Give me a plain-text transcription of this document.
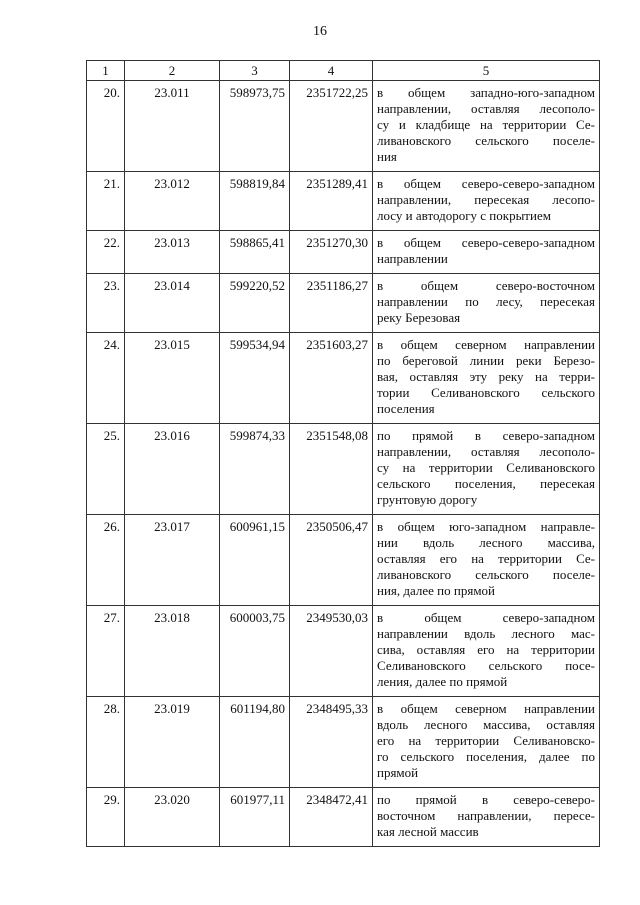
16
1	2	3	4	5
20.	23.011	598973,75	2351722,25	в общем западно-юго-западном
направлении, оставляя лесополо-
су и кладбище на территории Се-
ливановского сельского поселе-
ния

21.	23.012	598819,84	2351289,41	в общем северо-северо-западном
направлении, пересекая лесопо-
лосу и автодорогу с покрытием

22.	23.013	598865,41	2351270,30	в общем северо-северо-западном
направлении

23.	23.014	599220,52	2351186,27	в общем северо-восточном
направлении по лесу, пересекая
реку Березовая

24.	23.015	599534,94	2351603,27	в общем северном направлении
по береговой линии реки Березо-
вая, оставляя эту реку на терри-
тории Селивановского сельского
поселения

25.	23.016	599874,33	2351548,08	по прямой в северо-западном
направлении, оставляя лесополо-
су на территории Селивановского
сельского поселения, пересекая
грунтовую дорогу

26.	23.017	600961,15	2350506,47	в общем юго-западном направле-
нии вдоль лесного массива,
оставляя его на территории Се-
ливановского сельского поселе-
ния, далее по прямой

27.	23.018	600003,75	2349530,03	в общем северо-западном
направлении вдоль лесного мас-
сива, оставляя его на территории
Селивановского сельского посе-
ления, далее по прямой

28.	23.019	601194,80	2348495,33	в общем северном направлении
вдоль лесного массива, оставляя
его на территории Селивановско-
го сельского поселения, далее по
прямой

29.	23.020	601977,11	2348472,41	по прямой в северо-северо-
восточном направлении, пересе-
кая лесной массив
